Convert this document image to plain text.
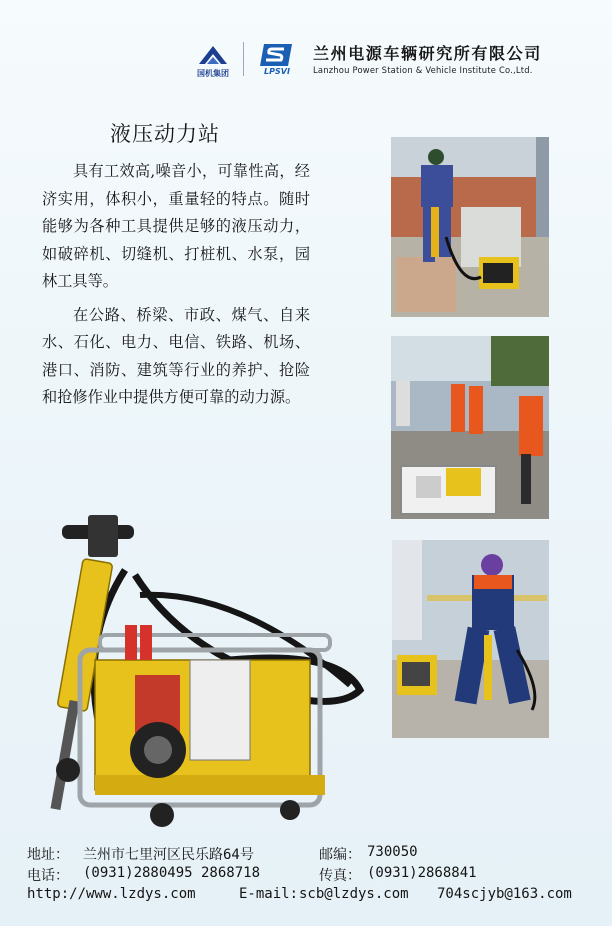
国机集团	LPSVI
兰州电源车辆研究所有限公司
Lanzhou Power Station & Vehicle Institute Co.,Ltd.
液压动力站

具有工效高,噪音小，可靠性高，经济实用，体积小，重量轻的特点。随时能够为各种工具提供足够的液压动力，如破碎机、切缝机、打桩机、水泵，园林工具等。

在公路、桥梁、市政、煤气、自来水、石化、电力、电信、铁路、机场、港口、消防、建筑等行业的养护、抢险和抢修作业中提供方便可靠的动力源。

地址： 兰州市七里河区民乐路64号	邮编： 730050
电话： (0931)2880495 2868718	传真： (0931)2868841
http://www.lzdys.com	E-mail: scb@lzdys.com 704scjyb@163.com
